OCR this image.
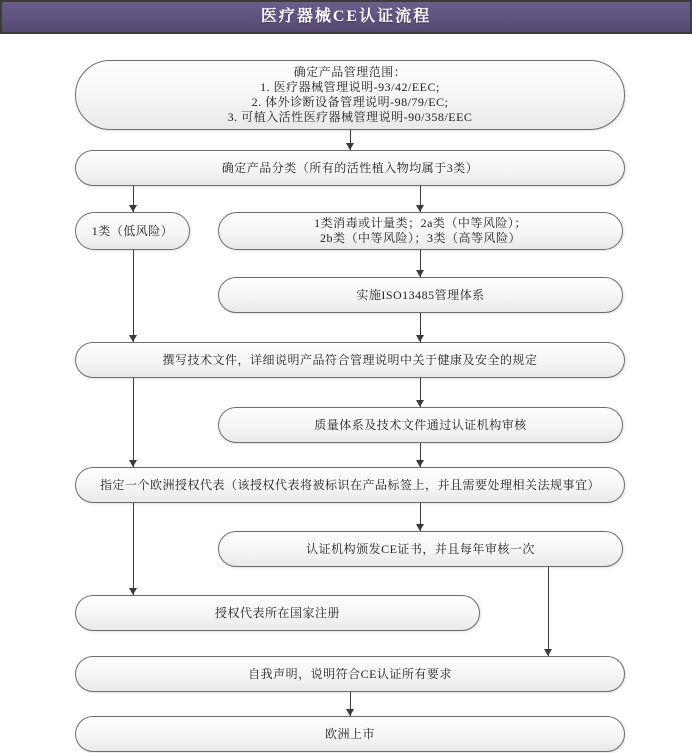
医疗器械CE认证流程
确定产品管理范围：
1. 医疗器械管理说明-93/42/EEC;
2. 体外诊断设备管理说明-98/79/EC;
3. 可植入活性医疗器械管理说明-90/358/EEC
确定产品分类（所有的活性植入物均属于3类）
1类（低风险）
1类消毒或计量类；2a类（中等风险）；
2b类（中等风险）；3类（高等风险）
实施ISO13485管理体系
撰写技术文件，详细说明产品符合管理说明中关于健康及安全的规定
质量体系及技术文件通过认证机构审核
指定一个欧洲授权代表（该授权代表将被标识在产品标签上，并且需要处理相关法规事宜）
认证机构颁发CE证书，并且每年审核一次
授权代表所在国家注册
自我声明，说明符合CE认证所有要求
欧洲上市
